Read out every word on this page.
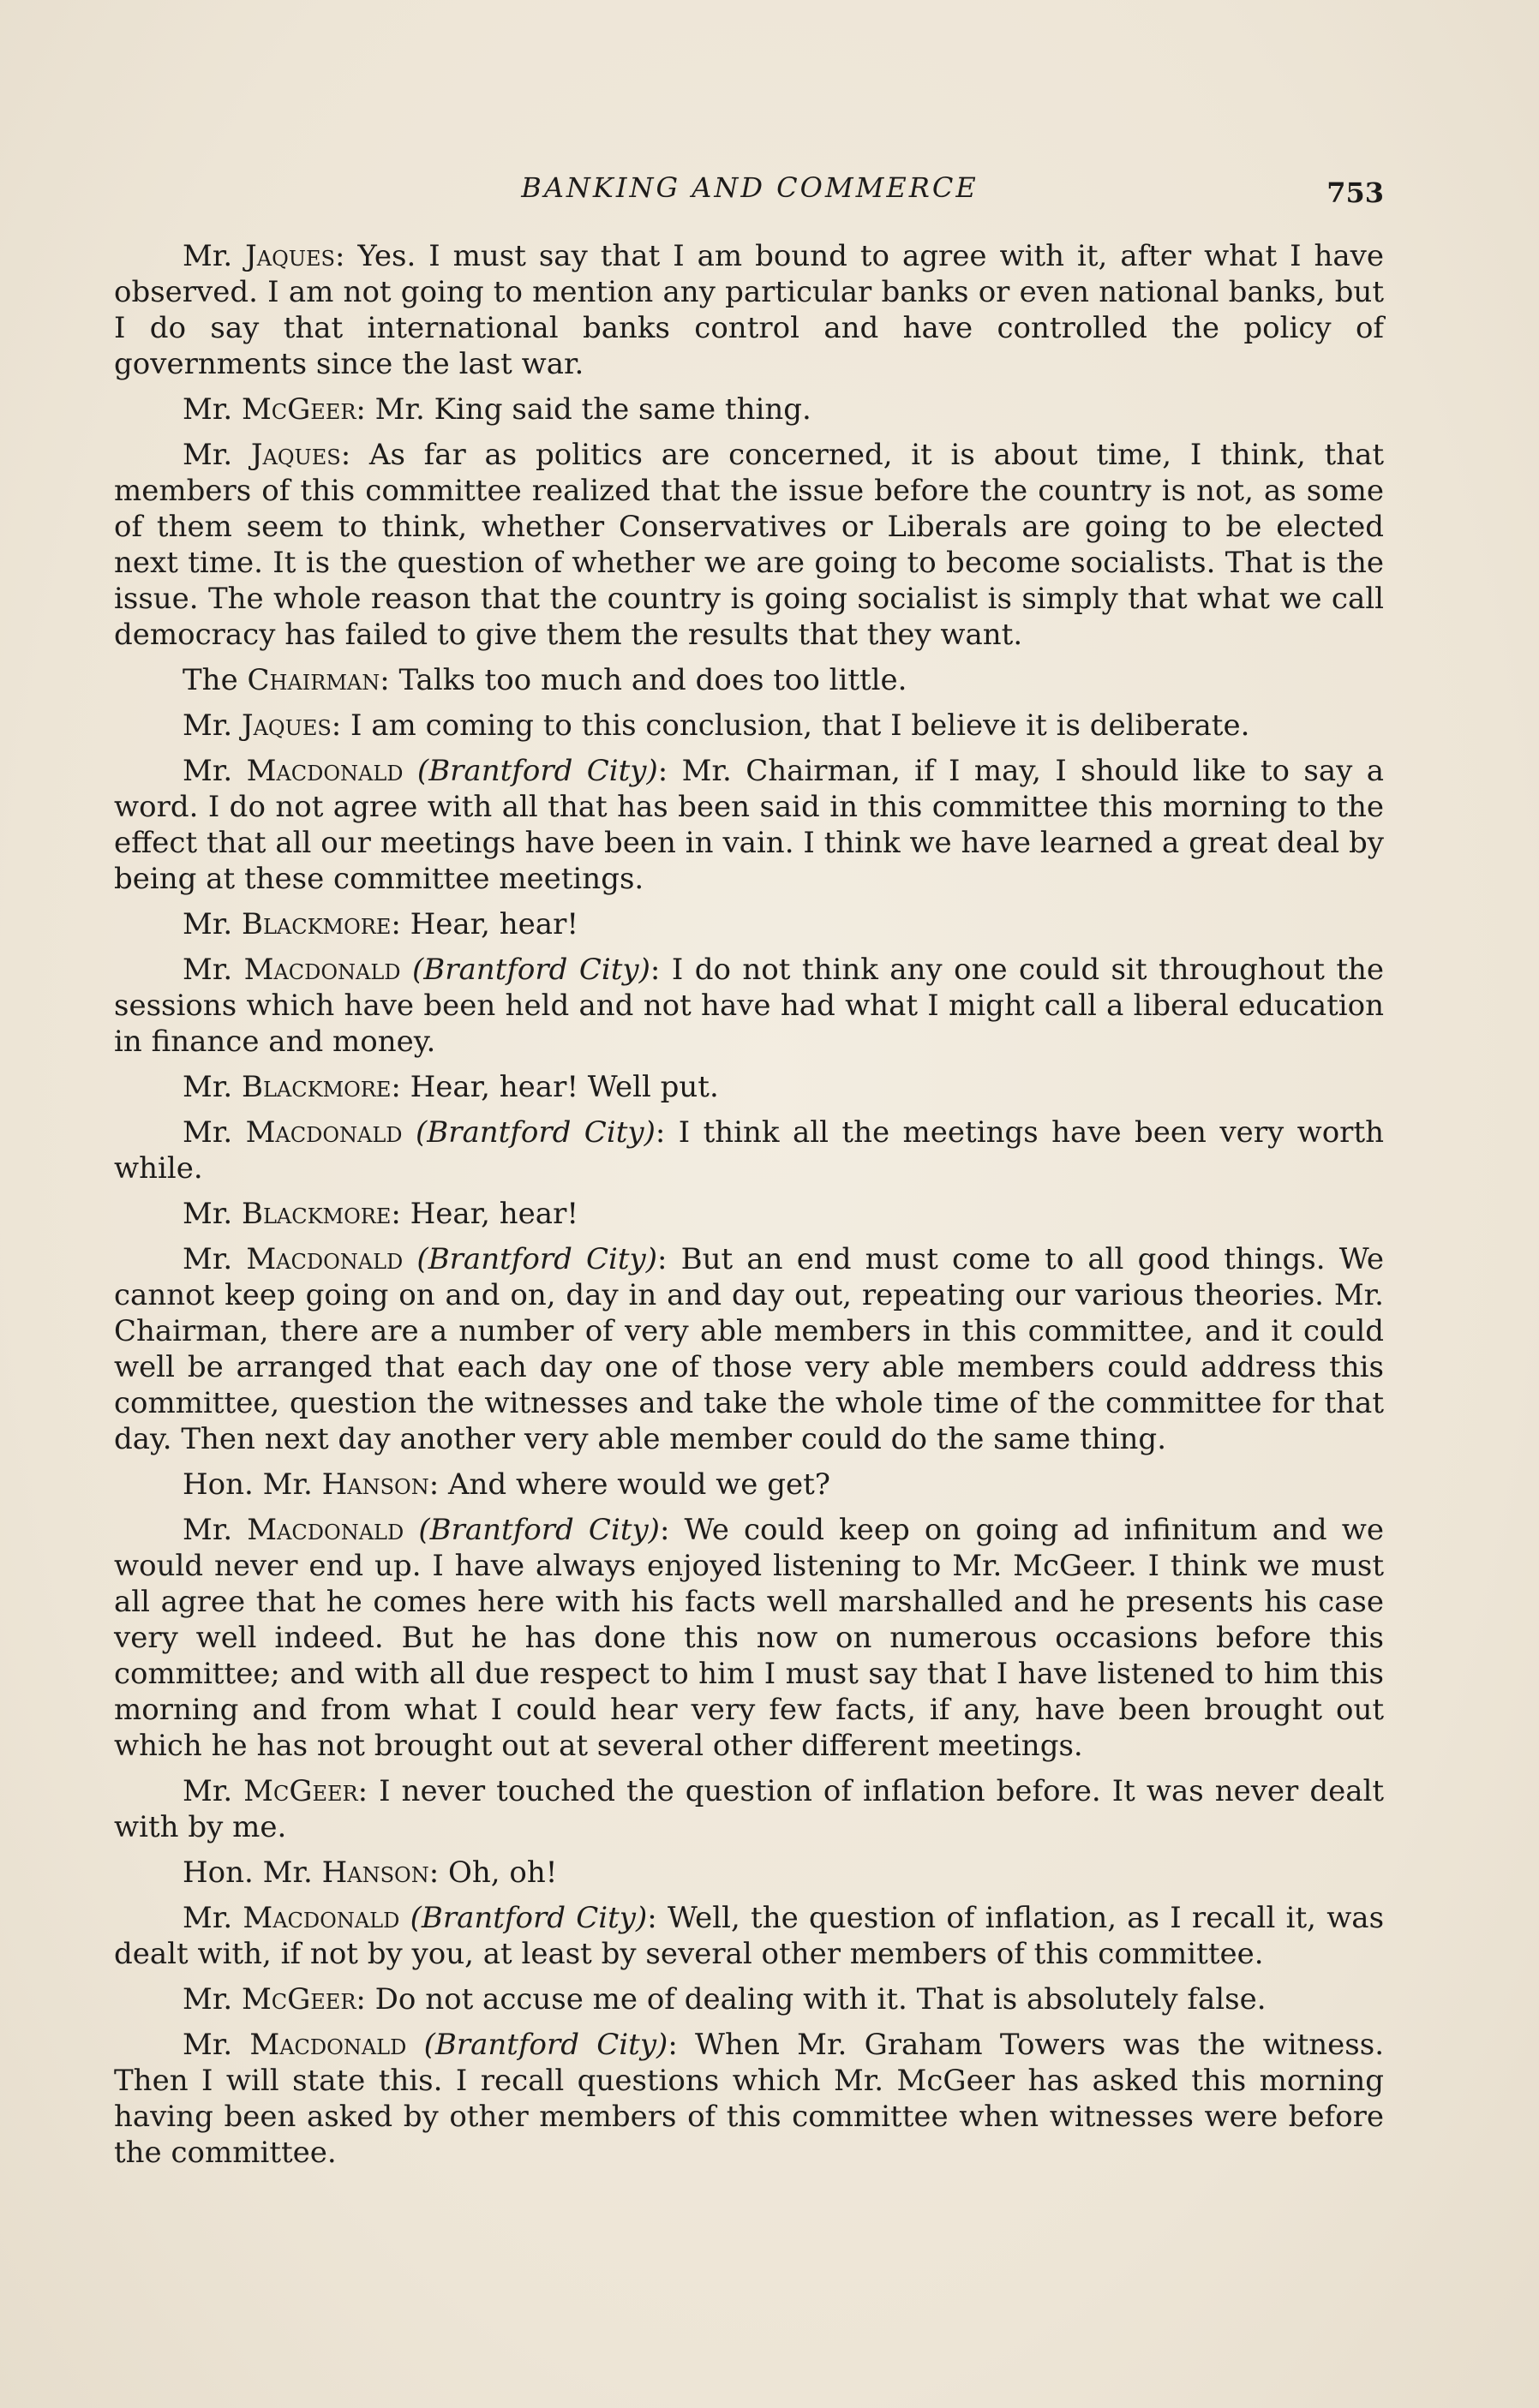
BANKING AND COMMERCE	753

Mr. Jaques: Yes. I must say that I am bound to agree with it, after what I have observed. I am not going to mention any particular banks or even national banks, but I do say that international banks control and have controlled the policy of governments since the last war.

Mr. McGeer: Mr. King said the same thing.

Mr. Jaques: As far as politics are concerned, it is about time, I think, that members of this committee realized that the issue before the country is not, as some of them seem to think, whether Conservatives or Liberals are going to be elected next time. It is the question of whether we are going to become socialists. That is the issue. The whole reason that the country is going socialist is simply that what we call democracy has failed to give them the results that they want.

The Chairman: Talks too much and does too little.

Mr. Jaques: I am coming to this conclusion, that I believe it is deliberate.

Mr. Macdonald (Brantford City): Mr. Chairman, if I may, I should like to say a word. I do not agree with all that has been said in this committee this morning to the effect that all our meetings have been in vain. I think we have learned a great deal by being at these committee meetings.

Mr. Blackmore: Hear, hear!

Mr. Macdonald (Brantford City): I do not think any one could sit throughout the sessions which have been held and not have had what I might call a liberal education in finance and money.

Mr. Blackmore: Hear, hear! Well put.

Mr. Macdonald (Brantford City): I think all the meetings have been very worth while.

Mr. Blackmore: Hear, hear!

Mr. Macdonald (Brantford City): But an end must come to all good things. We cannot keep going on and on, day in and day out, repeating our various theories. Mr. Chairman, there are a number of very able members in this committee, and it could well be arranged that each day one of those very able members could address this committee, question the witnesses and take the whole time of the committee for that day. Then next day another very able member could do the same thing.

Hon. Mr. Hanson: And where would we get?

Mr. Macdonald (Brantford City): We could keep on going ad infinitum and we would never end up. I have always enjoyed listening to Mr. McGeer. I think we must all agree that he comes here with his facts well marshalled and he presents his case very well indeed. But he has done this now on numerous occasions before this committee; and with all due respect to him I must say that I have listened to him this morning and from what I could hear very few facts, if any, have been brought out which he has not brought out at several other different meetings.

Mr. McGeer: I never touched the question of inflation before. It was never dealt with by me.

Hon. Mr. Hanson: Oh, oh!

Mr. Macdonald (Brantford City): Well, the question of inflation, as I recall it, was dealt with, if not by you, at least by several other members of this committee.

Mr. McGeer: Do not accuse me of dealing with it. That is absolutely false.

Mr. Macdonald (Brantford City): When Mr. Graham Towers was the witness. Then I will state this. I recall questions which Mr. McGeer has asked this morning having been asked by other members of this committee when witnesses were before the committee.
